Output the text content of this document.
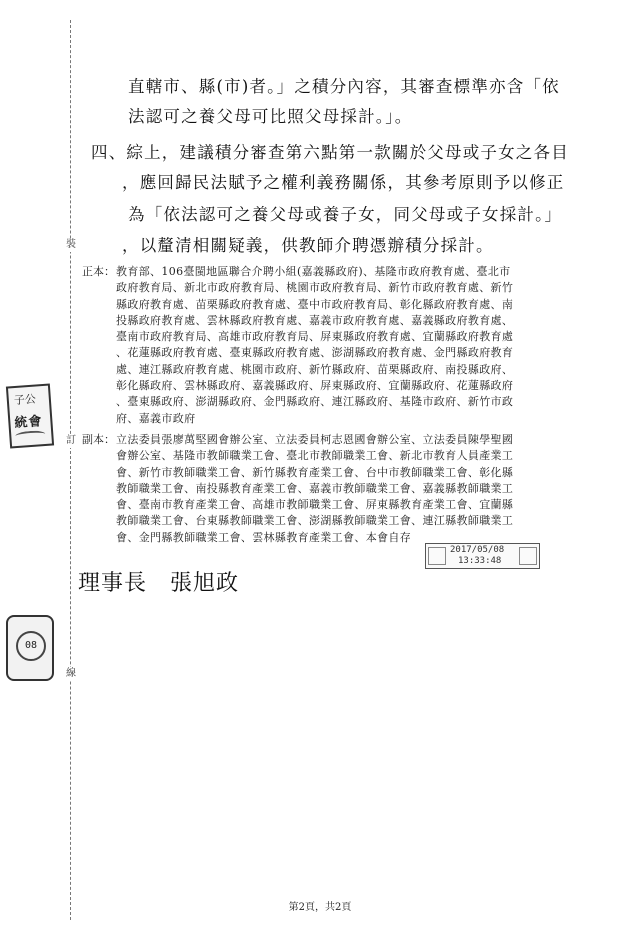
裝
訂
線
子公
統會
08
直轄市、縣(市)者。」之積分內容，其審查標準亦含「依
法認可之養父母可比照父母採計。」。
四、綜上，建議積分審查第六點第一款關於父母或子女之各目
，應回歸民法賦予之權利義務關係，其參考原則予以修正
為「依法認可之養父母或養子女，同父母或子女採計。」
，以釐清相關疑義，供教師介聘憑辦積分採計。
正本： 教育部、106臺閩地區聯合介聘小組(嘉義縣政府)、基隆市政府教育處、臺北市
政府教育局、新北市政府教育局、桃園市政府教育局、新竹市政府教育處、新竹
縣政府教育處、苗栗縣政府教育處、臺中市政府教育局、彰化縣政府教育處、南
投縣政府教育處、雲林縣政府教育處、嘉義市政府教育處、嘉義縣政府教育處、
臺南市政府教育局、高雄市政府教育局、屏東縣政府教育處、宜蘭縣政府教育處
、花蓮縣政府教育處、臺東縣政府教育處、澎湖縣政府教育處、金門縣政府教育
處、連江縣政府教育處、桃園市政府、新竹縣政府、苗栗縣政府、南投縣政府、
彰化縣政府、雲林縣政府、嘉義縣政府、屏東縣政府、宜蘭縣政府、花蓮縣政府
、臺東縣政府、澎湖縣政府、金門縣政府、連江縣政府、基隆市政府、新竹市政
府、嘉義市政府
副本： 立法委員張廖萬堅國會辦公室、立法委員柯志恩國會辦公室、立法委員陳學聖國
會辦公室、基隆市教師職業工會、臺北市教師職業工會、新北市教育人員產業工
會、新竹市教師職業工會、新竹縣教育產業工會、台中市教師職業工會、彰化縣
教師職業工會、南投縣教育產業工會、嘉義市教師職業工會、嘉義縣教師職業工
會、臺南市教育產業工會、高雄市教師職業工會、屏東縣教育產業工會、宜蘭縣
教師職業工會、台東縣教師職業工會、澎湖縣教師職業工會、連江縣教師職業工
會、金門縣教師職業工會、雲林縣教育產業工會、本會自存
2017/05/08
13:33:48
理事長　張旭政
第2頁，共2頁
